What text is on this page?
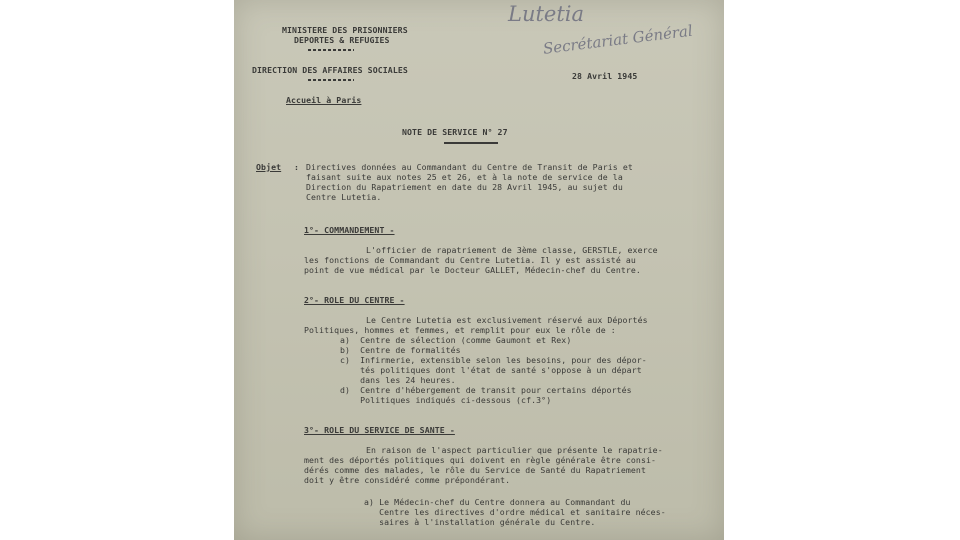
MINISTERE DES PRISONNIERS
DEPORTES & REFUGIES
DIRECTION DES AFFAIRES SOCIALES
Accueil à Paris
28 Avril 1945
Lutetia
Secrétariat Général
NOTE DE SERVICE N° 27
Objet : Directives données au Commandant du Centre de Transit de Paris et
faisant suite aux notes 25 et 26, et à la note de service de la
Direction du Rapatriement en date du 28 Avril 1945, au sujet du
Centre Lutetia.
1°- COMMANDEMENT -
L'officier de rapatriement de 3ème classe, GERSTLE, exerce
les fonctions de Commandant du Centre Lutetia. Il y est assisté au
point de vue médical par le Docteur GALLET, Médecin-chef du Centre.
2°- ROLE DU CENTRE -
Le Centre Lutetia est exclusivement réservé aux Déportés
Politiques, hommes et femmes, et remplit pour eux le rôle de :
a)  Centre de sélection (comme Gaumont et Rex)
b)  Centre de formalités
c)  Infirmerie, extensible selon les besoins, pour des dépor-
tés politiques dont l'état de santé s'oppose à un départ
dans les 24 heures.
d)  Centre d'hébergement de transit pour certains déportés
Politiques indiqués ci-dessous (cf.3°)
3°- ROLE DU SERVICE DE SANTE -
En raison de l'aspect particulier que présente le rapatrie-
ment des déportés politiques qui doivent en règle générale être consi-
dérés comme des malades, le rôle du Service de Santé du Rapatriement
doit y être considéré comme prépondérant.
a) Le Médecin-chef du Centre donnera au Commandant du
Centre les directives d'ordre médical et sanitaire néces-
saires à l'installation générale du Centre.
